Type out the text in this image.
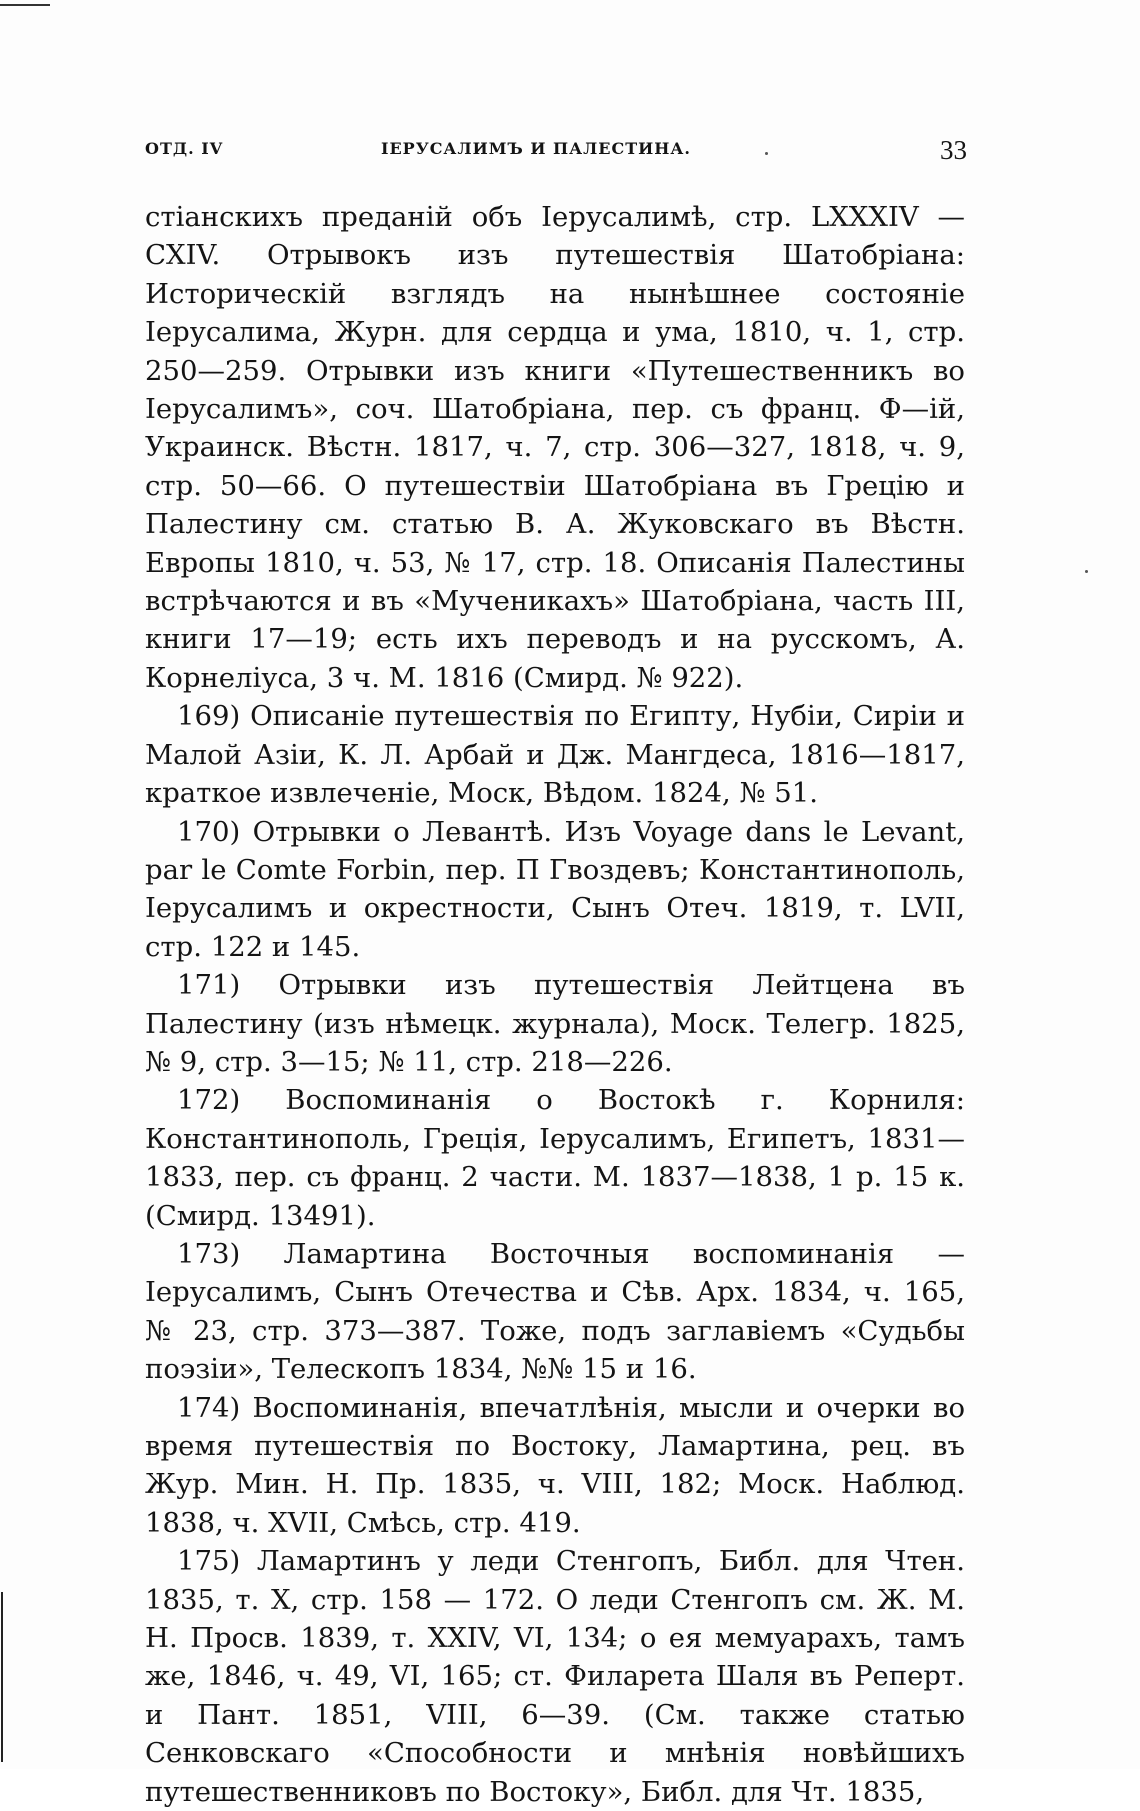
ОТД. IV	ІЕРУСАЛИМЪ И ПАЛЕСТИНА.	33

стіанскихъ преданій объ Іерусалимѣ, стр. LXXXIV — CXIV. Отрывокъ изъ путешествія Шатобріана: Историческій взглядъ на нынѣшнее состояніе Іерусалима, Журн. для сердца и ума, 1810, ч. 1, стр. 250—259. Отрывки изъ книги «Путешественникъ во Іерусалимъ», соч. Шатобріана, пер. съ франц. Ф—ій, Украинск. Вѣстн. 1817, ч. 7, стр. 306—327, 1818, ч. 9, стр. 50—66. О путешествіи Шатобріана въ Грецію и Палестину см. статью В. А. Жуковскаго въ Вѣстн. Европы 1810, ч. 53, № 17, стр. 18. Описанія Палестины встрѣчаются и въ «Мученикахъ» Шатобріана, часть III, книги 17—19; есть ихъ переводъ и на русскомъ, А. Корнеліуса, 3 ч. М. 1816 (Смирд. № 922).

169) Описаніе путешествія по Египту, Нубіи, Сиріи и Малой Азіи, К. Л. Арбай и Дж. Мангдеса, 1816—1817, краткое извлеченіе, Моск, Вѣдом. 1824, № 51.

170) Отрывки о Левантѣ. Изъ Voyage dans le Levant, par le Comte Forbin, пер. П Гвоздевъ; Константинополь, Іерусалимъ и окрестности, Сынъ Отеч. 1819, т. LVII, стр. 122 и 145.

171) Отрывки изъ путешествія Лейтцена въ Палестину (изъ нѣмецк. журнала), Моск. Телегр. 1825, № 9, стр. 3—15; № 11, стр. 218—226.

172) Воспоминанія о Востокѣ г. Корниля: Константинополь, Греція, Іерусалимъ, Египетъ, 1831—1833, пер. съ франц. 2 части. М. 1837—1838, 1 р. 15 к. (Смирд. 13491).

173) Ламартина Восточныя воспоминанія — Іерусалимъ, Сынъ Отечества и Сѣв. Арх. 1834, ч. 165, № 23, стр. 373—387. Тоже, подъ заглавіемъ «Судьбы поэзіи», Телескопъ 1834, №№ 15 и 16.

174) Воспоминанія, впечатлѣнія, мысли и очерки во время путешествія по Востоку, Ламартина, рец. въ Жур. Мин. Н. Пр. 1835, ч. VIII, 182; Моск. Наблюд. 1838, ч. XVII, Смѣсь, стр. 419.

175) Ламартинъ у леди Стенгопъ, Библ. для Чтен. 1835, т. X, стр. 158 — 172. О леди Стенгопъ см. Ж. М. Н. Просв. 1839, т. XXIV, VI, 134; о ея мемуарахъ, тамъ же, 1846, ч. 49, VI, 165; ст. Филарета Шаля въ Реперт. и Пант. 1851, VIII, 6—39. (См. также статью Сенковскаго «Способности и мнѣнія новѣйшихъ путешественниковъ по Востоку», Библ. для Чт. 1835,
